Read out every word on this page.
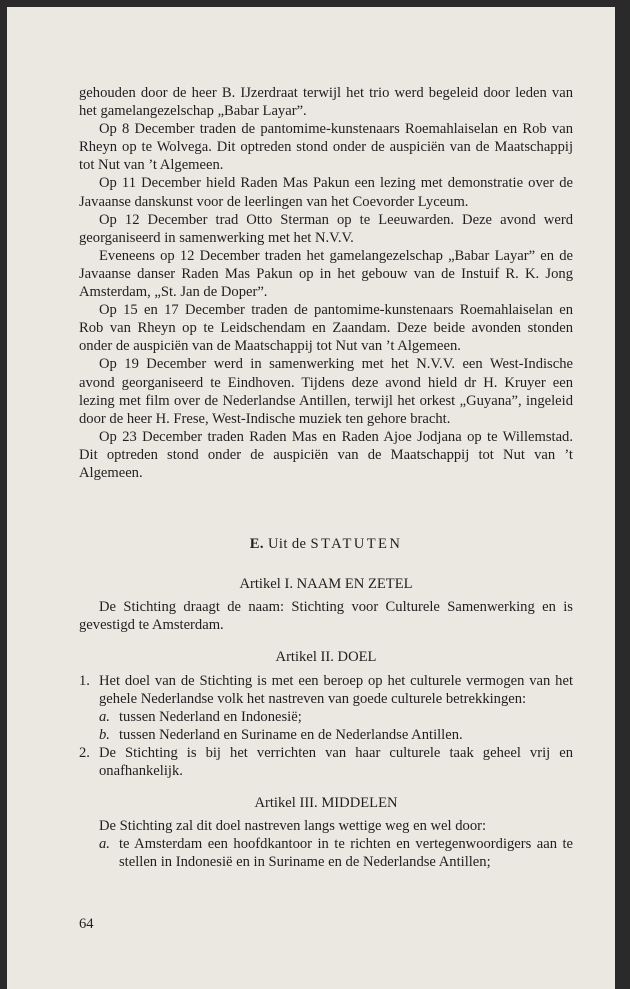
gehouden door de heer B. IJzerdraat terwijl het trio werd begeleid door leden van het gamelangezelschap „Babar Layar”.

Op 8 December traden de pantomime-kunstenaars Roemahlaiselan en Rob van Rheyn op te Wolvega. Dit optreden stond onder de auspiciën van de Maatschappij tot Nut van ’t Algemeen.

Op 11 December hield Raden Mas Pakun een lezing met demonstratie over de Javaanse danskunst voor de leerlingen van het Coevorder Lyceum.

Op 12 December trad Otto Sterman op te Leeuwarden. Deze avond werd georganiseerd in samenwerking met het N.V.V.

Eveneens op 12 December traden het gamelangezelschap „Babar Layar” en de Javaanse danser Raden Mas Pakun op in het gebouw van de Instuif R. K. Jong Amsterdam, „St. Jan de Doper”.

Op 15 en 17 December traden de pantomime-kunstenaars Roemahlaiselan en Rob van Rheyn op te Leidschendam en Zaandam. Deze beide avonden stonden onder de auspiciën van de Maatschappij tot Nut van ’t Algemeen.

Op 19 December werd in samenwerking met het N.V.V. een West-Indische avond georganiseerd te Eindhoven. Tijdens deze avond hield dr H. Kruyer een lezing met film over de Nederlandse Antillen, terwijl het orkest „Guyana”, ingeleid door de heer H. Frese, West-Indische muziek ten gehore bracht.

Op 23 December traden Raden Mas en Raden Ajoe Jodjana op te Willemstad. Dit optreden stond onder de auspiciën van de Maatschappij tot Nut van ’t Algemeen.

E. Uit de STATUTEN
Artikel I. NAAM EN ZETEL

De Stichting draagt de naam: Stichting voor Culturele Samenwerking en is gevestigd te Amsterdam.

Artikel II. DOEL
1. Het doel van de Stichting is met een beroep op het culturele vermogen van het gehele Nederlandse volk het nastreven van goede culturele betrekkingen:
a. tussen Nederland en Indonesië;
b. tussen Nederland en Suriname en de Nederlandse Antillen.
2. De Stichting is bij het verrichten van haar culturele taak geheel vrij en onafhankelijk.
Artikel III. MIDDELEN

De Stichting zal dit doel nastreven langs wettige weg en wel door:

a. te Amsterdam een hoofdkantoor in te richten en vertegenwoordigers aan te stellen in Indonesië en in Suriname en de Nederlandse Antillen;
64
